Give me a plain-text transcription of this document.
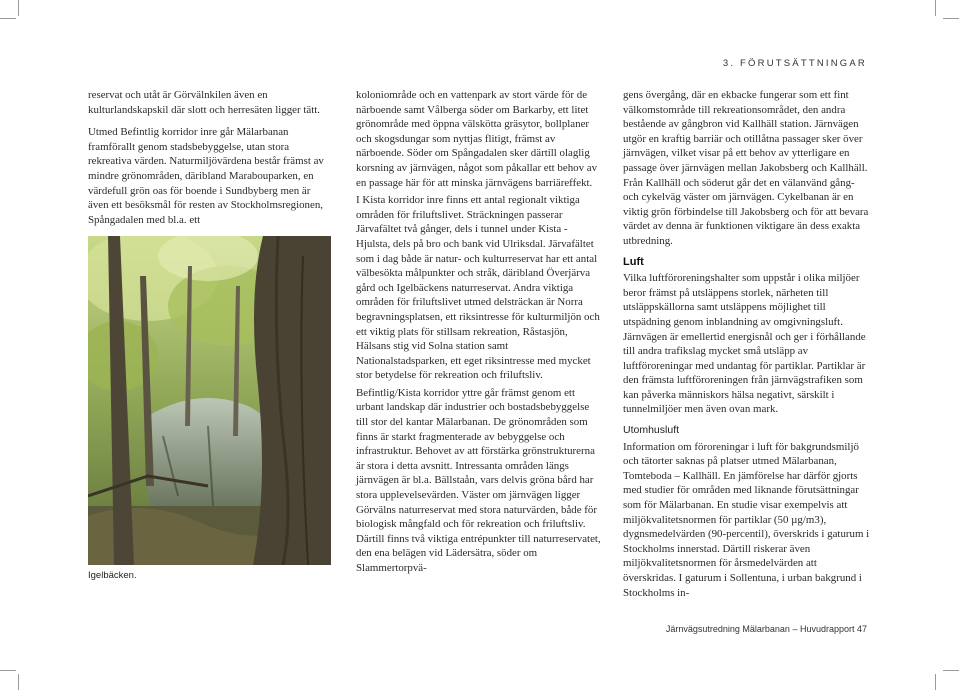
3. FÖRUTSÄTTNINGAR

reservat och utåt är Görvälnkilen även en kulturlandskapskil där slott och herresäten ligger tätt.

Utmed Befintlig korridor inre går Mälarbanan framförallt genom stadsbebyggelse, utan stora rekreativa värden. Naturmiljövärdena består främst av mindre grönområden, däribland Marabouparken, en värdefull grön oas för boende i Sundbyberg men är även ett besöksmål för resten av Stockholmsregionen, Spångadalen med bl.a. ett

Igelbäcken.

koloniområde och en vattenpark av stort värde för de närboende samt Vålberga söder om Barkarby, ett litet grönområde med öppna välskötta gräsytor, bollplaner och skogsdungar som nyttjas flitigt, främst av närboende. Söder om Spångadalen sker därtill olaglig korsning av järnvägen, något som påkallar ett behov av en passage här för att minska järnvägens barriäreffekt.

I Kista korridor inre finns ett antal regionalt viktiga områden för friluftslivet. Sträckningen passerar Järvafältet två gånger, dels i tunnel under Kista - Hjulsta, dels på bro och bank vid Ulriksdal. Järvafältet som i dag både är natur- och kulturreservat har ett antal välbesökta målpunkter och stråk, däribland Överjärva gård och Igelbäckens naturreservat. Andra viktiga områden för friluftslivet utmed delsträckan är Norra begravningsplatsen, ett riksintresse för kulturmiljön och ett viktig plats för stillsam rekreation, Råstasjön, Hälsans stig vid Solna station samt Nationalstadsparken, ett eget riksintresse med mycket stor betydelse för rekreation och friluftsliv.

Befintlig/Kista korridor yttre går främst genom ett urbant landskap där industrier och bostadsbebyggelse till stor del kantar Mälarbanan. De grönområden som finns är starkt fragmenterade av bebyggelse och infrastruktur. Behovet av att förstärka grönstrukturerna är stora i detta avsnitt. Intressanta områden längs järnvägen är bl.a. Bällstaån, vars delvis gröna bård har stora upplevelsevärden. Väster om järnvägen ligger Görvälns naturreservat med stora naturvärden, både för biologisk mångfald och för rekreation och friluftsliv. Därtill finns två viktiga entrépunkter till naturreservatet, den ena belägen vid Lädersätra, söder om Slammertorpvä-

gens övergång, där en ekbacke fungerar som ett fint välkomstområde till rekreationsområdet, den andra bestående av gångbron vid Kallhäll station. Järnvägen utgör en kraftig barriär och otillåtna passager sker över järnvägen, vilket visar på ett behov av ytterligare en passage över järnvägen mellan Jakobsberg och Kallhäll. Från Kallhäll och söderut går det en välanvänd gång- och cykelväg väster om järnvägen. Cykelbanan är en viktig grön förbindelse till Jakobsberg och för att bevara värdet av denna är funktionen viktigare än dess exakta utbredning.

Luft

Vilka luftföroreningshalter som uppstår i olika miljöer beror främst på utsläppens storlek, närheten till utsläppskällorna samt utsläppens möjlighet till utspädning genom inblandning av omgivningsluft. Järnvägen är emellertid energisnål och ger i förhållande till andra trafikslag mycket små utsläpp av luftföroreningar med undantag för partiklar. Partiklar är den främsta luftföroreningen från järnvägstrafiken som kan påverka människors hälsa negativt, särskilt i tunnelmiljöer men även ovan mark.

Utomhusluft

Information om föroreningar i luft för bakgrundsmiljö och tätorter saknas på platser utmed Mälarbanan, Tomteboda – Kallhäll. En jämförelse har därför gjorts med studier för områden med liknande förutsättningar som för Mälarbanan. En studie visar exempelvis att miljökvalitetsnormen för partiklar (50 µg/m3), dygnsmedelvärden (90-percentil), överskrids i gaturum i Stockholms innerstad. Därtill riskerar även miljökvalitetsnormen för årsmedelvärden att överskridas. I gaturum i Sollentuna, i urban bakgrund i Stockholms in-

Järnvägsutredning Mälarbanan – Huvudrapport 47
